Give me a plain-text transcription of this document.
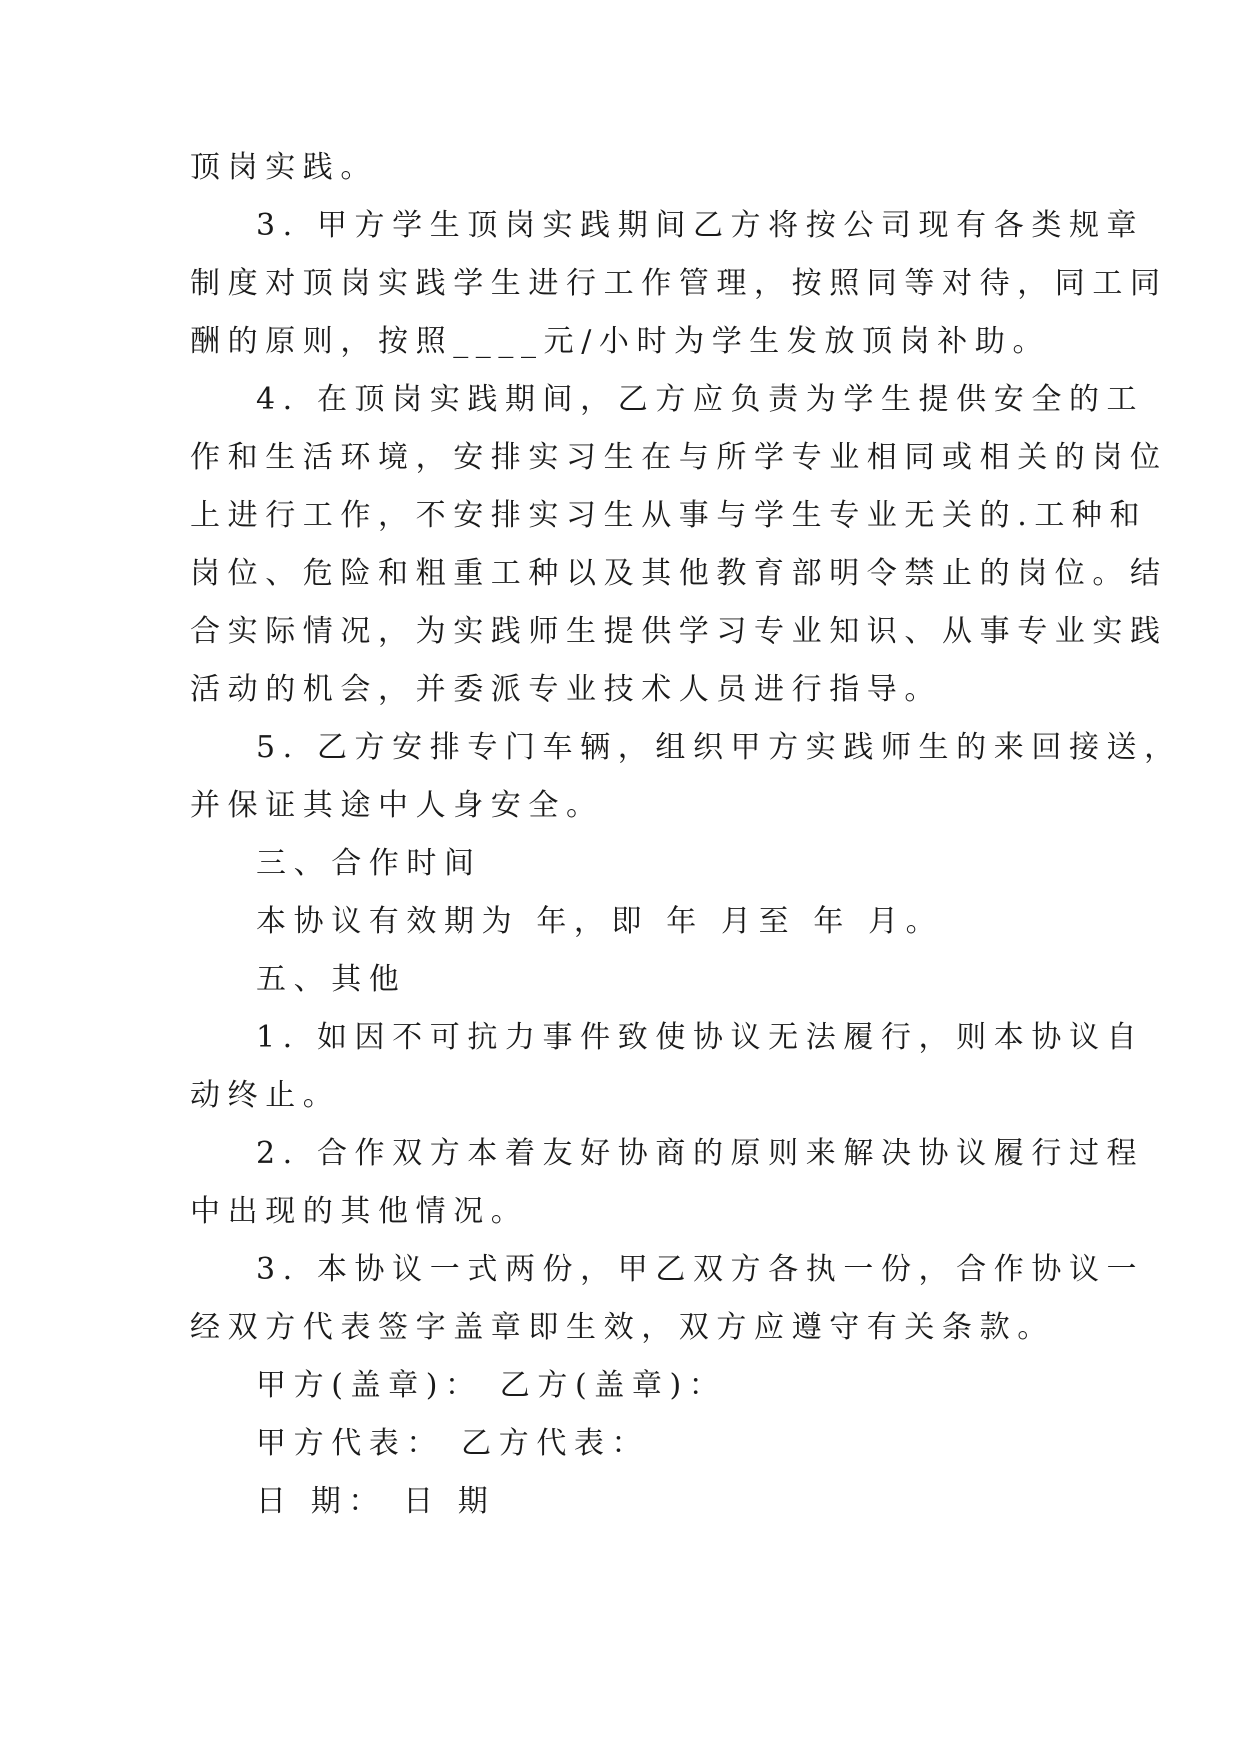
顶岗实践。
3. 甲方学生顶岗实践期间乙方将按公司现有各类规章
制度对顶岗实践学生进行工作管理，按照同等对待，同工同
酬的原则，按照____元/小时为学生发放顶岗补助。
4. 在顶岗实践期间，乙方应负责为学生提供安全的工
作和生活环境，安排实习生在与所学专业相同或相关的岗位
上进行工作，不安排实习生从事与学生专业无关的.工种和
岗位、危险和粗重工种以及其他教育部明令禁止的岗位。结
合实际情况，为实践师生提供学习专业知识、从事专业实践
活动的机会，并委派专业技术人员进行指导。
5. 乙方安排专门车辆，组织甲方实践师生的来回接送，
并保证其途中人身安全。
三、合作时间
本协议有效期为 年，即 年 月至 年 月。
五、其他
1. 如因不可抗力事件致使协议无法履行，则本协议自
动终止。
2. 合作双方本着友好协商的原则来解决协议履行过程
中出现的其他情况。
3. 本协议一式两份，甲乙双方各执一份，合作协议一
经双方代表签字盖章即生效，双方应遵守有关条款。
甲方(盖章)： 乙方(盖章)：
甲方代表： 乙方代表：
日 期： 日 期
